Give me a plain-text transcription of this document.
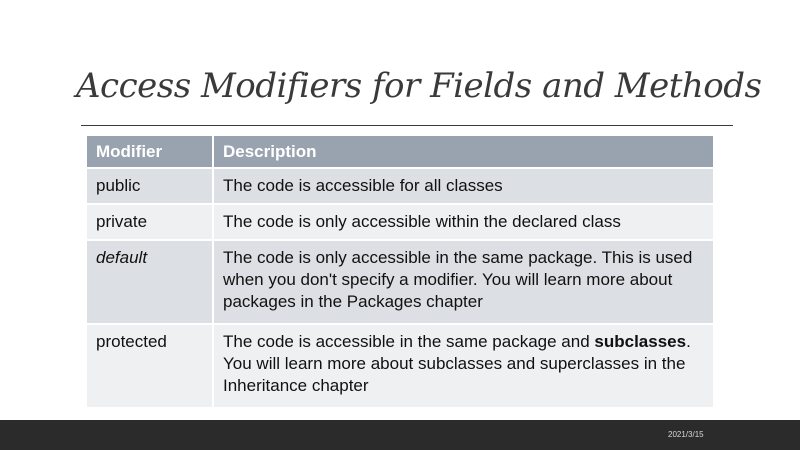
Access Modifiers for Fields and Methods
Modifier	Description
public	The code is accessible for all classes
private	The code is only accessible within the declared class
default	The code is only accessible in the same package. This is used when you don't specify a modifier. You will learn more about packages in the Packages chapter
protected	The code is accessible in the same package and subclasses. You will learn more about subclasses and superclasses in the Inheritance chapter
2021/3/15
